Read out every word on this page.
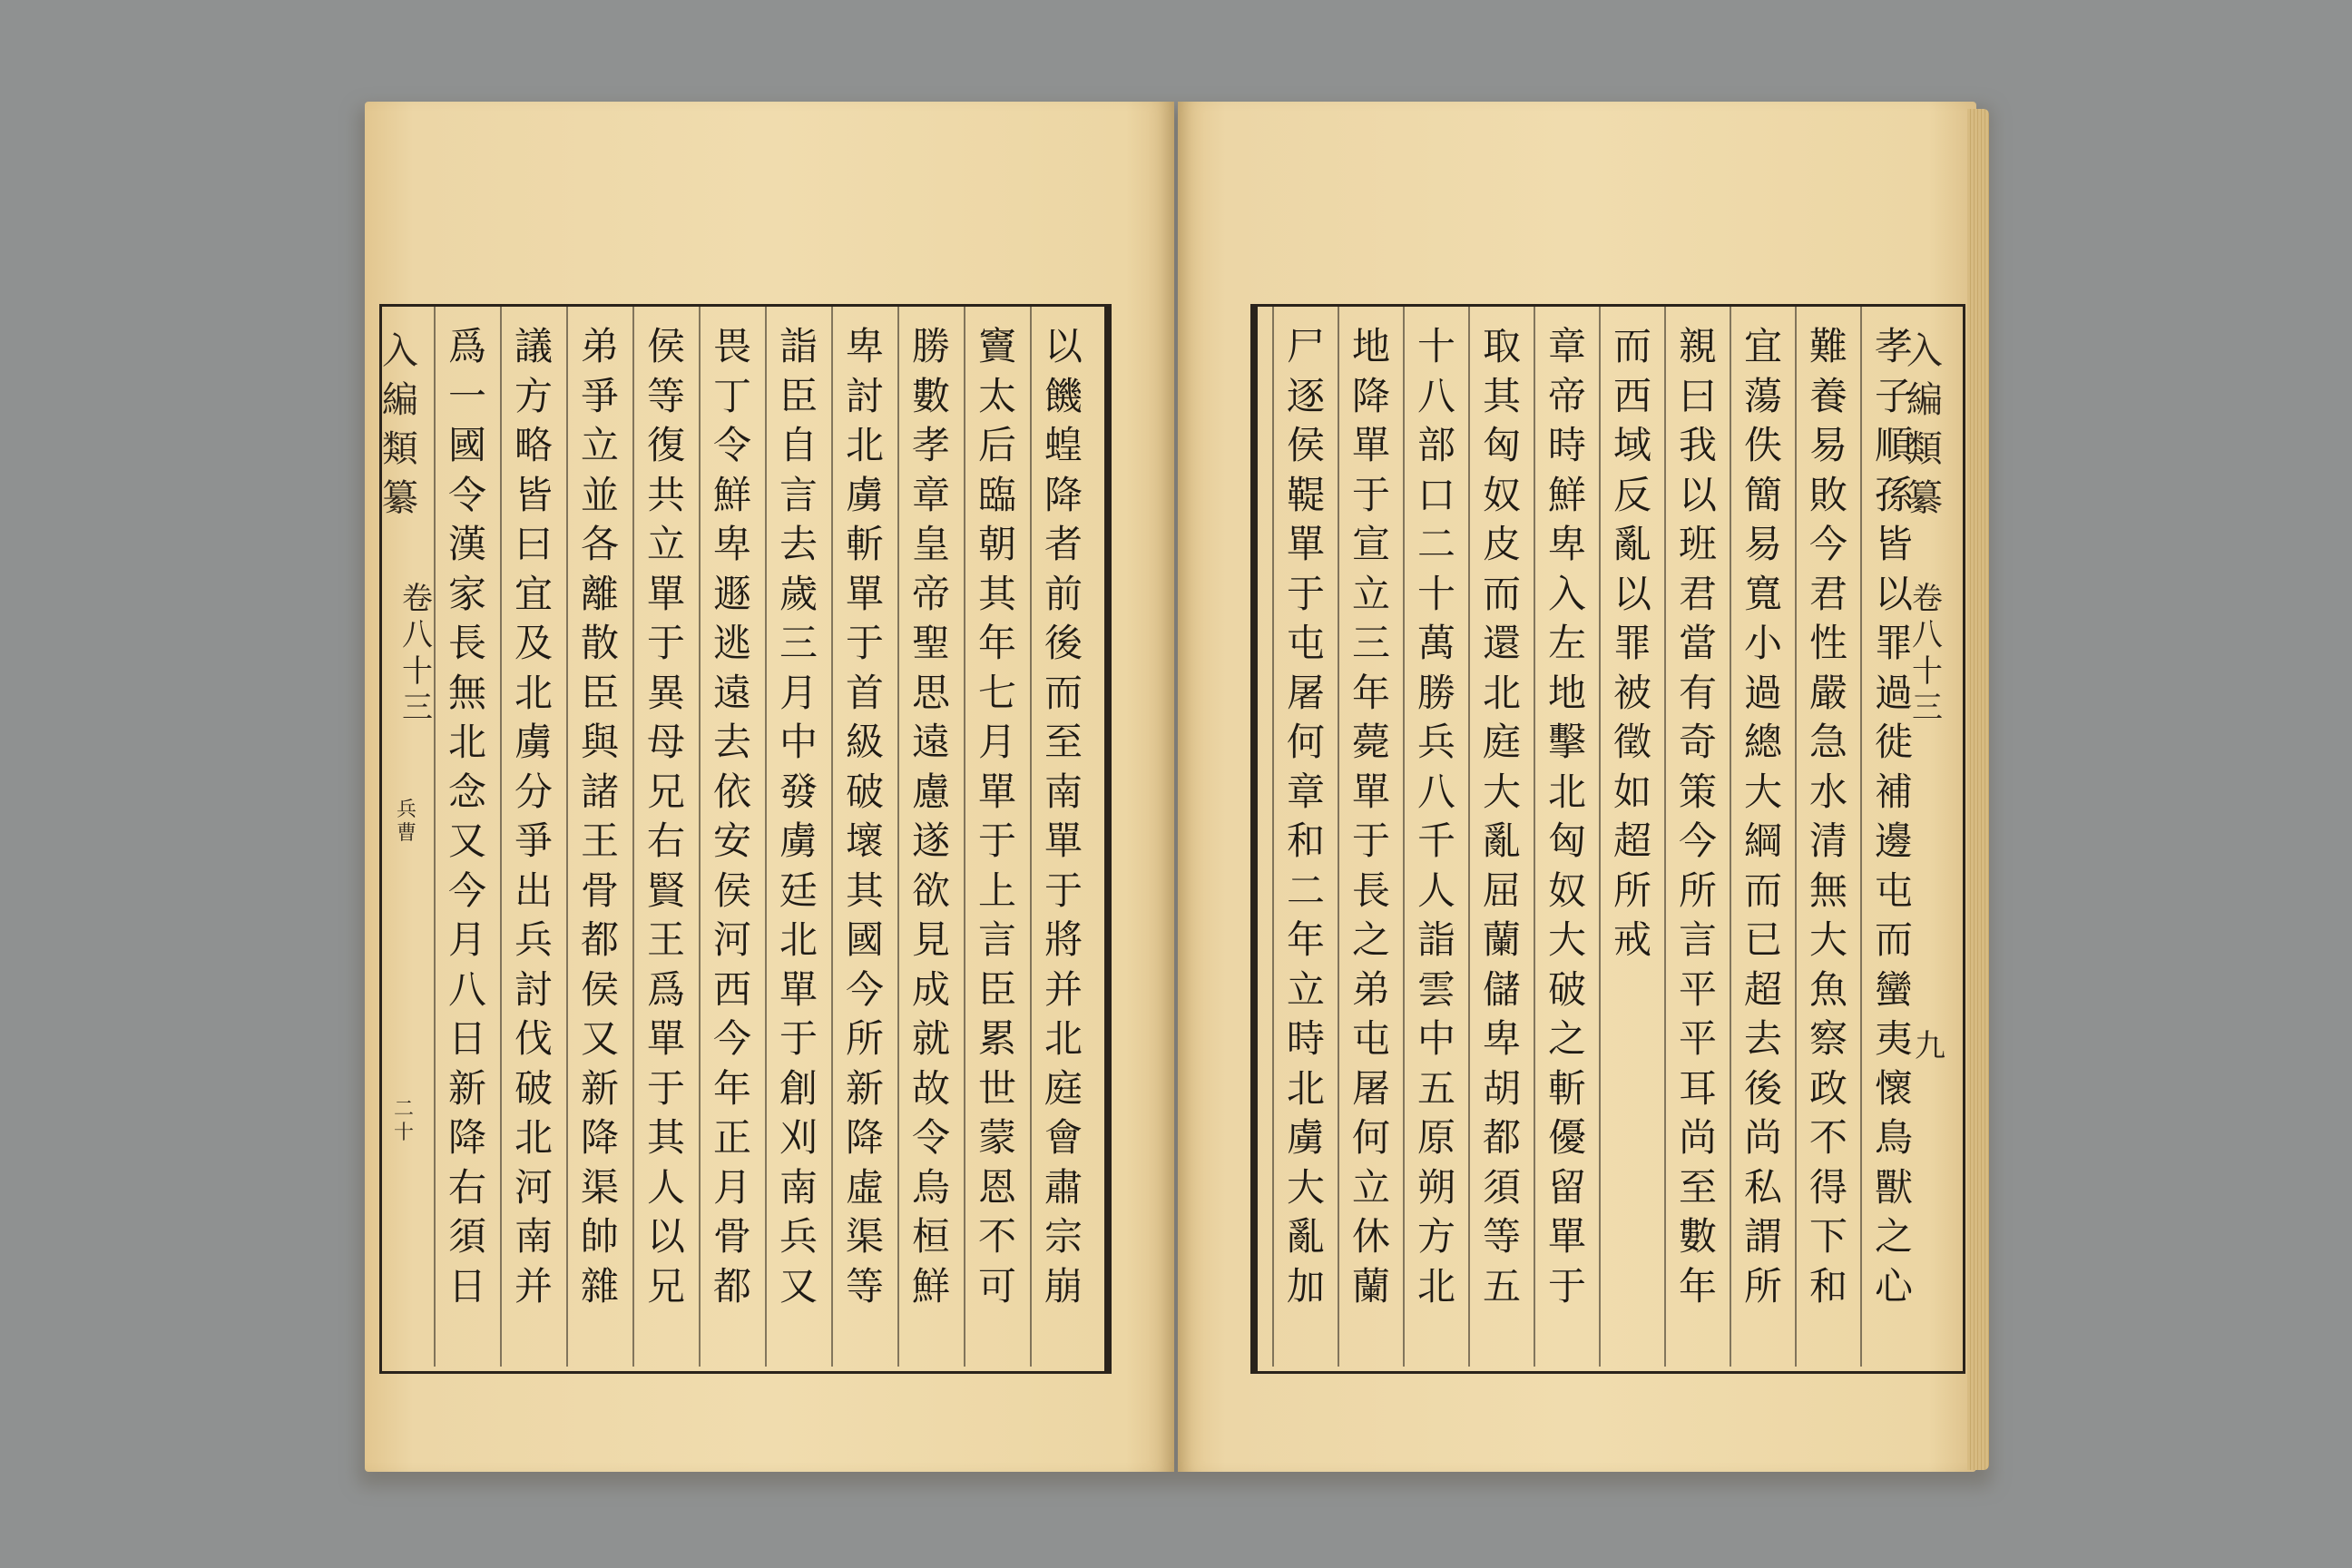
入編類纂
卷八十三
兵曹
二十
以饑蝗降者前後而至南單于將并北庭會肅宗崩
竇太后臨朝其年七月單于上言臣累世蒙恩不可
勝數孝章皇帝聖思遠慮遂欲見成就故令烏桓鮮
卑討北虜斬單于首級破壞其國今所新降虛渠等
詣臣自言去歲三月中發虜廷北單于創刈南兵又
畏丁令鮮卑遯逃遠去依安侯河西今年正月骨都
侯等復共立單于異母兄右賢王爲單于其人以兄
弟爭立並各離散臣與諸王骨都侯又新降渠帥雜
議方略皆曰宜及北虜分爭出兵討伐破北河南并
爲一國令漢家長無北念又今月八日新降右須日
入編類纂
卷八十三
九
孝子順孫皆以罪過徙補邊屯而蠻夷懷鳥獸之心
難養易敗今君性嚴急水清無大魚察政不得下和
宜蕩佚簡易寬小過總大綱而已超去後尚私謂所
親曰我以班君當有奇策今所言平平耳尚至數年
而西域反亂以罪被徵如超所戒
章帝時鮮卑入左地擊北匈奴大破之斬優留單于
取其匈奴皮而還北庭大亂屈蘭儲卑胡都須等五
十八部口二十萬勝兵八千人詣雲中五原朔方北
地降單于宣立三年薨單于長之弟屯屠何立休蘭
尸逐侯鞮單于屯屠何章和二年立時北虜大亂加
